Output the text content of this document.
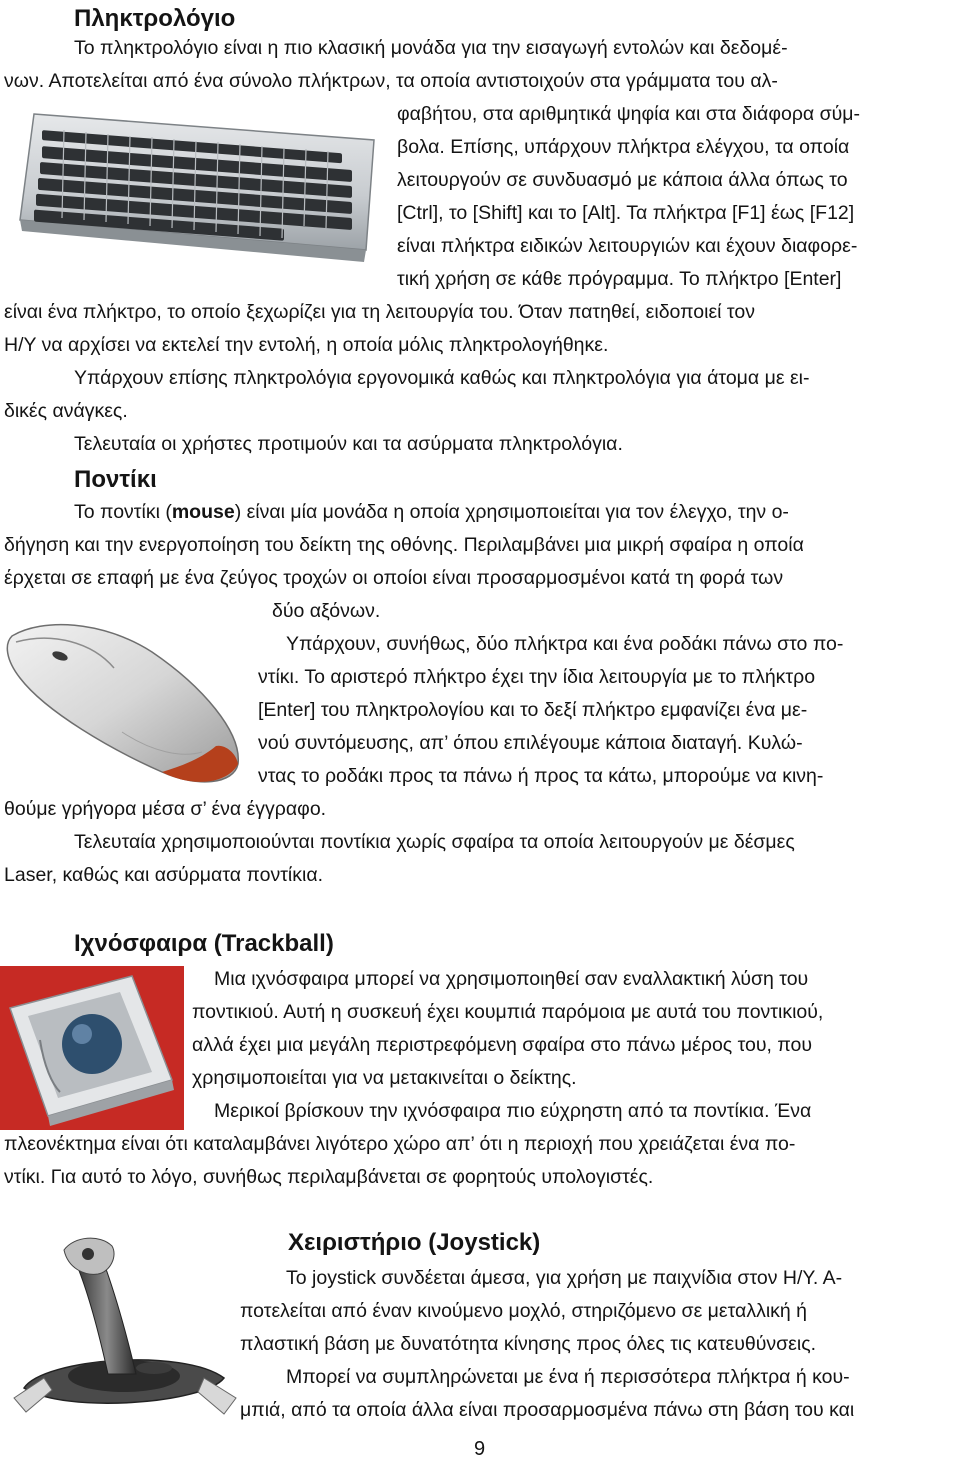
Πληκτρολόγιο

Το πληκτρολόγιο είναι η πιο κλασική μονάδα για την εισαγωγή εντολών και δεδομέ-

νων. Αποτελείται από ένα σύνολο πλήκτρων, τα οποία αντιστοιχούν στα γράμματα του αλ-

φαβήτου, στα αριθμητικά ψηφία και στα διάφορα σύμ-

βολα. Επίσης, υπάρχουν πλήκτρα ελέγχου, τα οποία

λειτουργούν σε συνδυασμό με κάποια άλλα όπως το

[Ctrl], το [Shift] και το [Alt]. Τα πλήκτρα [F1] έως [F12]

είναι πλήκτρα ειδικών λειτουργιών και έχουν διαφορε-

τική χρήση σε κάθε πρόγραμμα. Το πλήκτρο [Enter]

είναι ένα πλήκτρο, το οποίο ξεχωρίζει για τη λειτουργία του. Όταν πατηθεί, ειδοποιεί τον

Η/Υ να αρχίσει να εκτελεί την εντολή, η οποία μόλις πληκτρολογήθηκε.

Υπάρχουν επίσης πληκτρολόγια εργονομικά καθώς και πληκτρολόγια για άτομα με ει-

δικές ανάγκες.

Τελευταία οι χρήστες προτιμούν και τα ασύρματα πληκτρολόγια.

Ποντίκι

Το ποντίκι (mouse) είναι μία μονάδα η οποία χρησιμοποιείται για τον έλεγχο, την ο-

δήγηση και την ενεργοποίηση του δείκτη της οθόνης. Περιλαμβάνει μια μικρή σφαίρα η οποία

έρχεται σε επαφή με ένα ζεύγος τροχών οι οποίοι είναι προσαρμοσμένοι κατά τη φορά των

δύο αξόνων.

Υπάρχουν, συνήθως, δύο πλήκτρα και ένα ροδάκι πάνω στο πο-

ντίκι. Το αριστερό πλήκτρο έχει την ίδια λειτουργία με το πλήκτρο

[Enter] του πληκτρολογίου και το δεξί πλήκτρο εμφανίζει ένα με-

νού συντόμευσης, απ’ όπου επιλέγουμε κάποια διαταγή. Κυλώ-

ντας το ροδάκι προς τα πάνω ή προς τα κάτω, μπορούμε να κινη-

θούμε γρήγορα μέσα σ’ ένα έγγραφο.

Τελευταία χρησιμοποιούνται ποντίκια χωρίς σφαίρα τα οποία λειτουργούν με δέσμες

Laser, καθώς και ασύρματα ποντίκια.

Ιχνόσφαιρα (Trackball)

Μια ιχνόσφαιρα μπορεί να χρησιμοποιηθεί σαν εναλλακτική λύση του

ποντικιού. Αυτή η συσκευή έχει κουμπιά παρόμοια με αυτά του ποντικιού,

αλλά έχει μια μεγάλη περιστρεφόμενη σφαίρα στο πάνω μέρος του, που

χρησιμοποιείται για να μετακινείται ο δείκτης.

Μερικοί βρίσκουν την ιχνόσφαιρα πιο εύχρηστη από τα ποντίκια. Ένα

πλεονέκτημα είναι ότι καταλαμβάνει λιγότερο χώρο απ’ ότι η περιοχή που χρειάζεται ένα πο-

ντίκι. Για αυτό το λόγο, συνήθως περιλαμβάνεται σε φορητούς υπολογιστές.

Χειριστήριο (Joystick)

Το joystick συνδέεται άμεσα, για χρήση με παιχνίδια στον Η/Υ. Α-

ποτελείται από έναν κινούμενο μοχλό, στηριζόμενο σε μεταλλική ή

πλαστική βάση με δυνατότητα κίνησης προς όλες τις κατευθύνσεις.

Μπορεί να συμπληρώνεται με ένα ή περισσότερα πλήκτρα ή κου-

μπιά, από τα οποία άλλα είναι προσαρμοσμένα πάνω στη βάση του και

9
